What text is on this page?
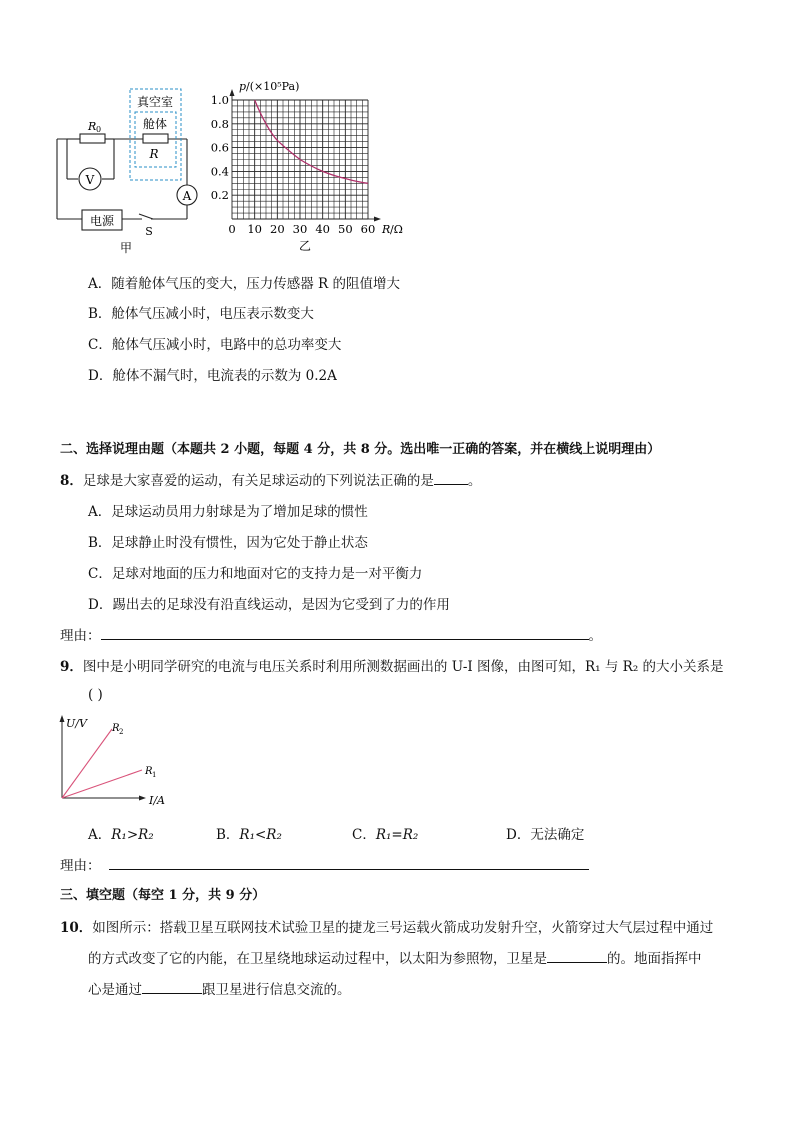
V
A
电源
R 0
真空室
舱体
R
S
甲
0 10 20 30 40 50 60
0.2
0.4
0.6
0.8
1.0
p /(×10⁵Pa)
R /Ω
乙
A．随着舱体气压的变大，压力传感器 R 的阻值增大
B．舱体气压减小时，电压表示数变大
C．舱体气压减小时，电路中的总功率变大
D．舱体不漏气时，电流表的示数为 0.2A
二、选择说理由题（本题共 2 小题，每题 4 分，共 8 分。选出唯一正确的答案，并在横线上说明理由）
8．足球是大家喜爱的运动，有关足球运动的下列说法正确的是	。
A．足球运动员用力射球是为了增加足球的惯性
B．足球静止时没有惯性，因为它处于静止状态
C．足球对地面的压力和地面对它的支持力是一对平衡力
D．踢出去的足球没有沿直线运动，是因为它受到了力的作用
理由：	。
9．图中是小明同学研究的电流与电压关系时利用所测数据画出的 U-I 图像，由图可知，R₁ 与 R₂ 的大小关系是
( )
U/V
I/A
R 2
R 1
A．R₁>R₂	B．R₁<R₂	C．R₁=R₂	D．无法确定
理由：
三、填空题（每空 1 分，共 9 分）
10．如图所示：搭载卫星互联网技术试验卫星的捷龙三号运载火箭成功发射升空，火箭穿过大气层过程中通过
的方式改变了它的内能，在卫星绕地球运动过程中，以太阳为参照物，卫星是	的。地面指挥中
心是通过	跟卫星进行信息交流的。
